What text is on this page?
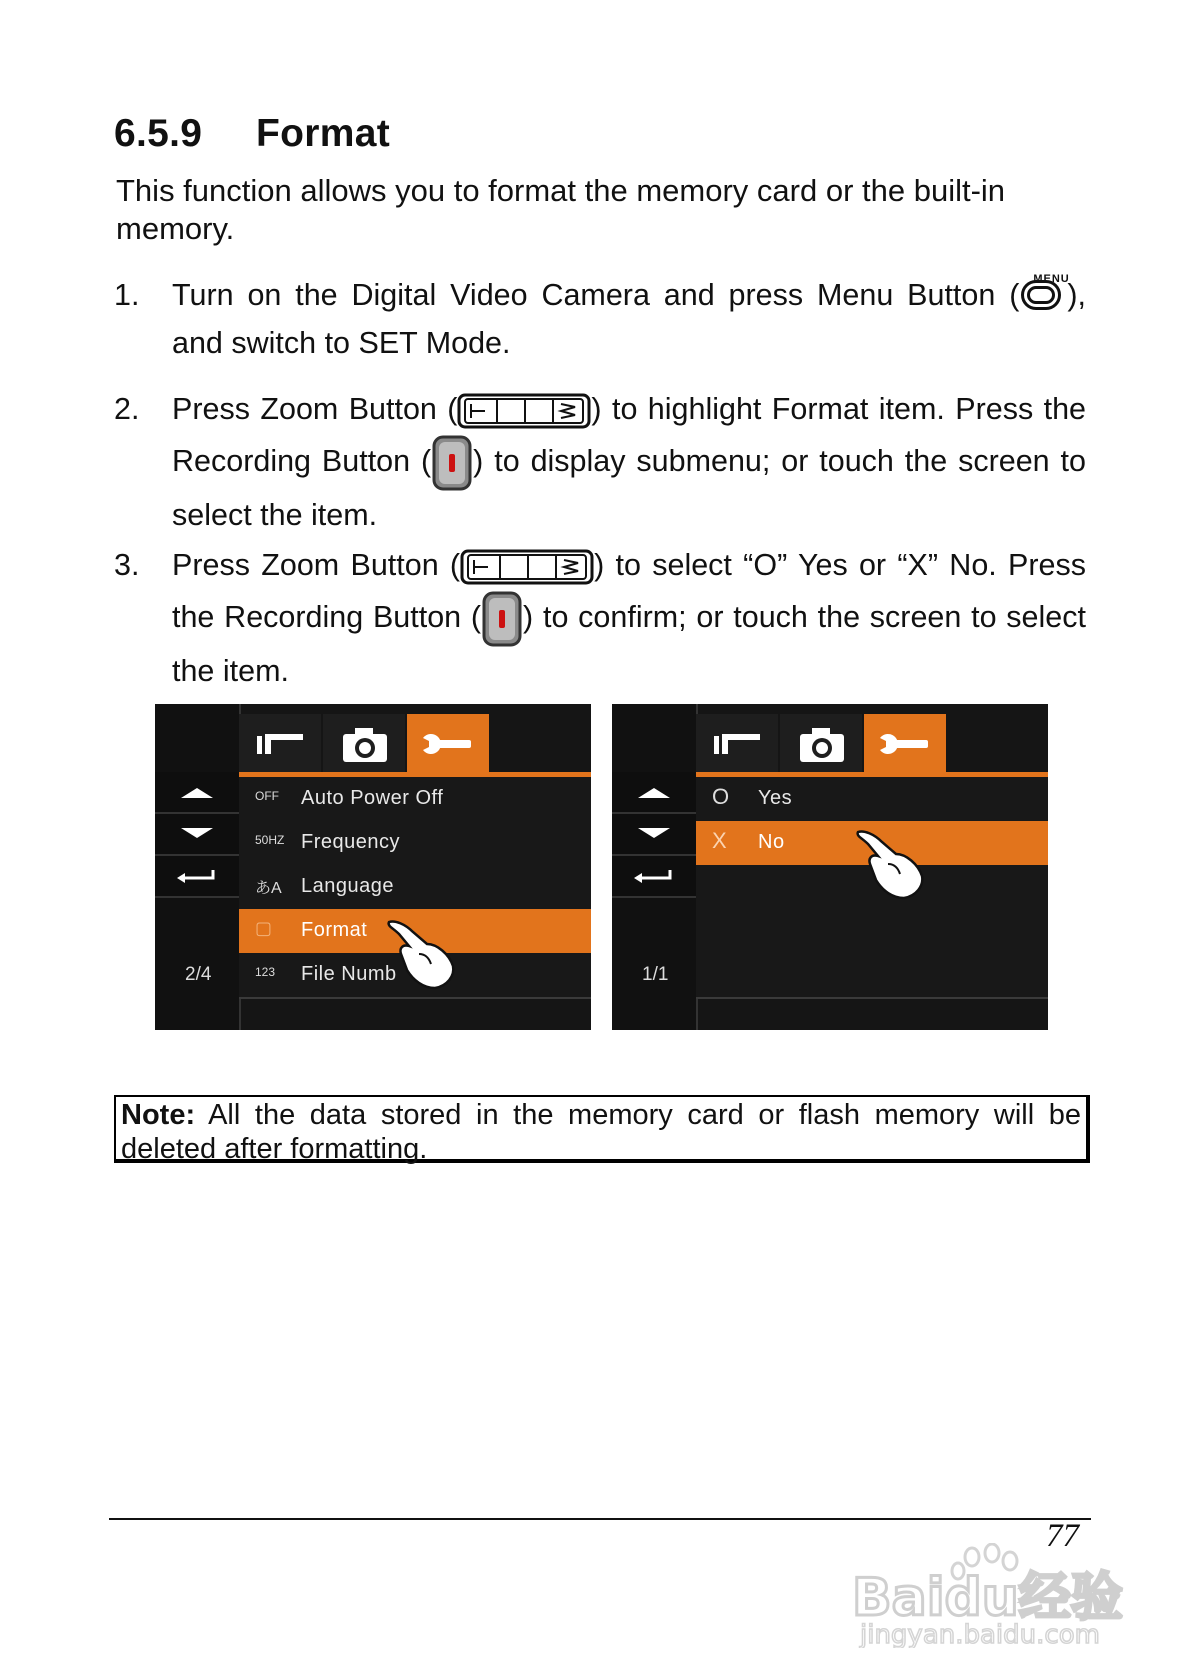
6.5.9 Format
This function allows you to format the memory card or the built-in memory.
1. Turn on the Digital Video Camera and press Menu Button ( MENU
), and switch to SET Mode.
2. Press Zoom Button (	) to highlight Format item. Press the Recording Button ( ) to display submenu; or touch the screen to select the item.
3. Press Zoom Button (	) to select “O” Yes or “X” No. Press the Recording Button ( ) to confirm; or touch the screen to select the item.
2/4
OFF Auto Power Off
50HZ Frequency
あA Language
▢ Format
123 File Numb	1/1
O Yes
X No
Note: All the data stored in the memory card or flash memory will be deleted after formatting.
77
Baidu经验
jingyan.baidu.com
